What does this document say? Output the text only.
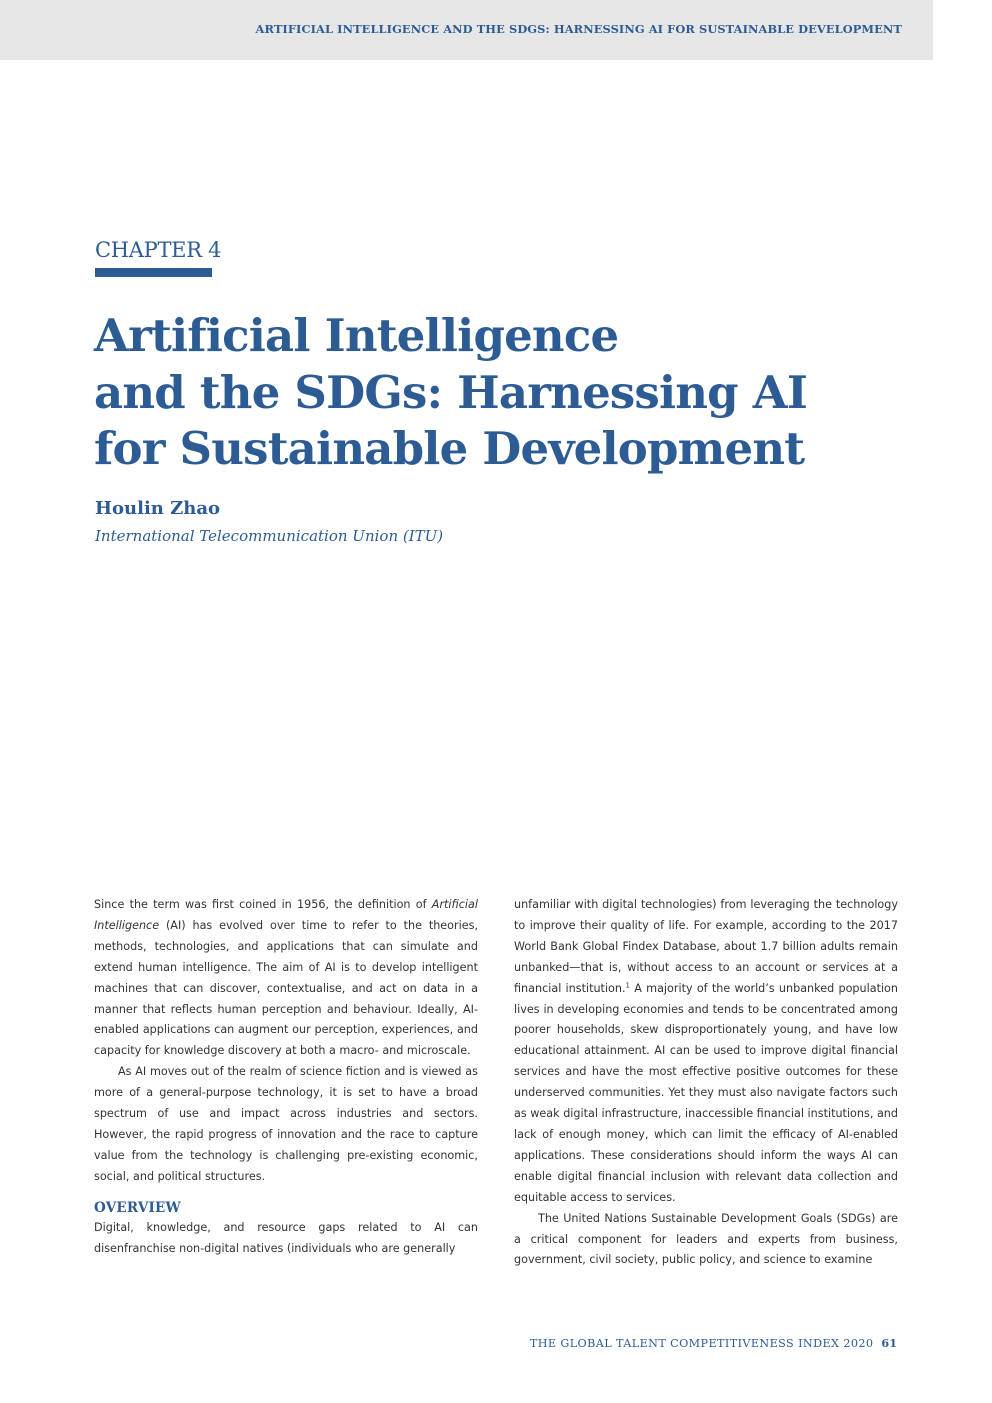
ARTIFICIAL INTELLIGENCE AND THE SDGS: HARNESSING AI FOR SUSTAINABLE DEVELOPMENT
CHAPTER 4
Artificial Intelligence
and the SDGs: Harnessing AI
for Sustainable Development
Houlin Zhao
International Telecommunication Union (ITU)

Since the term was first coined in 1956, the definition of Artificial Intelligence (AI) has evolved over time to refer to the theories, methods, technologies, and applications that can simulate and extend human intelligence. The aim of AI is to develop intelligent machines that can discover, contextualise, and act on data in a manner that reflects human perception and behaviour. Ideally, AI-enabled applications can augment our perception, experiences, and capacity for knowledge discovery at both a macro- and microscale.

As AI moves out of the realm of science fiction and is viewed as more of a general-purpose technology, it is set to have a broad spectrum of use and impact across industries and sectors. However, the rapid progress of innovation and the race to capture value from the technology is challenging pre-existing economic, social, and political structures.

OVERVIEW

Digital, knowledge, and resource gaps related to AI can disenfranchise non-digital natives (individuals who are generally

unfamiliar with digital technologies) from leveraging the technology to improve their quality of life. For example, according to the 2017 World Bank Global Findex Database, about 1.7 billion adults remain unbanked—that is, without access to an account or services at a financial institution.$^1$ A majority of the world’s unbanked population lives in developing economies and tends to be concentrated among poorer households, skew disproportionately young, and have low educational attainment. AI can be used to improve digital financial services and have the most effective positive outcomes for these underserved communities. Yet they must also navigate factors such as weak digital infrastructure, inaccessible financial institutions, and lack of enough money, which can limit the efficacy of AI-enabled applications. These considerations should inform the ways AI can enable digital financial inclusion with relevant data collection and equitable access to services.

The United Nations Sustainable Development Goals (SDGs) are a critical component for leaders and experts from business, government, civil society, public policy, and science to examine

THE GLOBAL TALENT COMPETITIVENESS INDEX 2020 61
